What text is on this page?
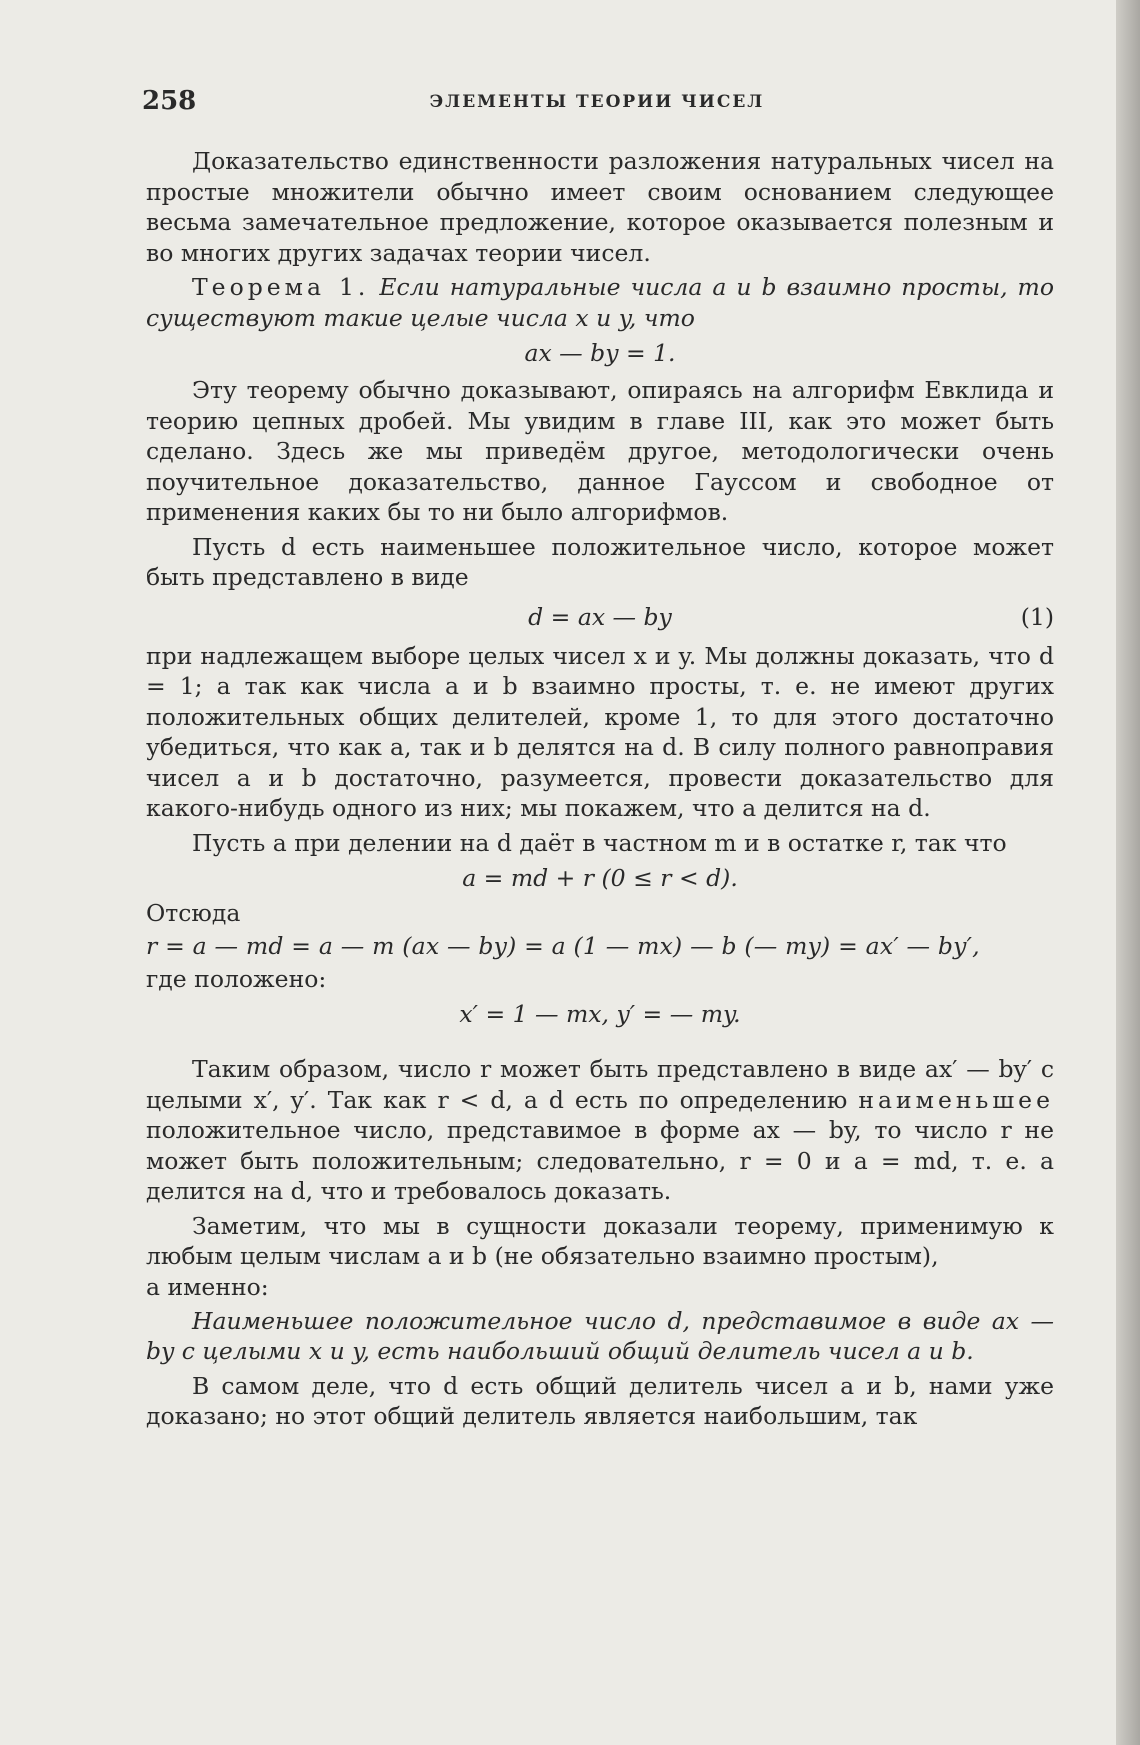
258	ЭЛЕМЕНТЫ ТЕОРИИ ЧИСЕЛ

Доказательство единственности разложения натуральных чисел на простые множители обычно имеет своим основанием следующее весьма замечательное предложение, которое оказывается полезным и во многих других задачах теории чисел.

Теорема 1. Если натуральные числа a и b взаимно просты, то существуют такие целые числа x и y, что

ax — by = 1.

Эту теорему обычно доказывают, опираясь на алгорифм Евклида и теорию цепных дробей. Мы увидим в главе III, как это может быть сделано. Здесь же мы приведём другое, методологически очень поучительное доказательство, данное Гауссом и свободное от применения каких бы то ни было алгорифмов.

Пусть d есть наименьшее положительное число, которое может быть представлено в виде

d = ax — by	(1)

при надлежащем выборе целых чисел x и y. Мы должны доказать, что d = 1; а так как числа a и b взаимно просты, т. е. не имеют других положительных общих делителей, кроме 1, то для этого достаточно убедиться, что как a, так и b делятся на d. В силу полного равноправия чисел a и b достаточно, разумеется, провести доказательство для какого-нибудь одного из них; мы покажем, что a делится на d.

Пусть a при делении на d даёт в частном m и в остатке r, так что

a = md + r (0 ≤ r < d).

Отсюда

r = a — md = a — m (ax — by) = a (1 — mx) — b (— my) = ax′ — by′,

где положено:

x′ = 1 — mx, y′ = — my.

Таким образом, число r может быть представлено в виде ax′ — by′ с целыми x′, y′. Так как r < d, а d есть по определению наименьшее положительное число, представимое в форме ax — by, то число r не может быть положительным; следовательно, r = 0 и a = md, т. е. a делится на d, что и требовалось доказать.

Заметим, что мы в сущности доказали теорему, применимую к любым целым числам a и b (не обязательно взаимно простым),

а именно:

Наименьшее положительное число d, представимое в виде ax — by с целыми x и y, есть наибольший общий делитель чисел a и b.

В самом деле, что d есть общий делитель чисел a и b, нами уже доказано; но этот общий делитель является наибольшим, так
